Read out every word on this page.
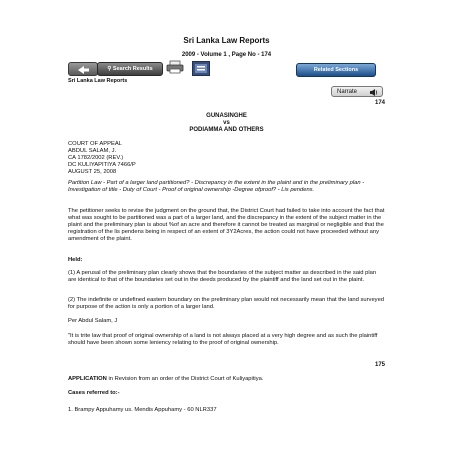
Sri Lanka Law Reports
2009 - Volume 1 , Page No - 174
⚲ Search Results	Related Sections
Sri Lanka Law Reports
Narrate
174
GUNASINGHE
vs
PODIAMMA AND OTHERS

COURT OF APPEAL

ABDUL SALAM, J.

CA 1782/2002 (REV.)

DC KULIYAPITIYA 7466/P

AUGUST 25, 2008

Partition Law - Part of a larger land partitioned? - Discrepancy in the extent in the plaint and in the preliminary plan - Investigation of title - Duty of Court - Proof of original ownership -Degree ofproof? - Lis pendens.
The petitioner seeks to revise the judgment on the ground that, the District Court had failed to take into account the fact that what was sought to be partitioned was a part of a larger land, and the discrepancy in the extent of the subject matter in the plaint and the preliminary plan is about %of an acre and therefore it cannot be treated as marginal or negligible and that the registration of the lis pendens being in respect of an extent of 3Y2Acres, the action could not have proceeded without any amendment of the plaint.
Held:
(1) A perusal of the preliminary plan clearly shows that the boundaries of the subject matter as described in the said plan are identical to that of the boundaries set out in the deeds produced by the plaintiff and the land set out in the plaint.
(2) The indefinite or undefined eastern boundary on the preliminary plan would not necessarily mean that the land surveyed for purpose of the action is only a portion of a larger land.
Per Abdul Salam, J
"It is trite law that proof of original ownership of a land is not always placed at a very high degree and as such the plaintiff should have been shown some leniency relating to the proof of original ownership.
175
APPLICATION in Revision from an order of the District Court of Kuliyapitiya.
Cases referred to:-
1. Brampy Appuhamy us. Mendis Appuhamy - 60 NLR337
